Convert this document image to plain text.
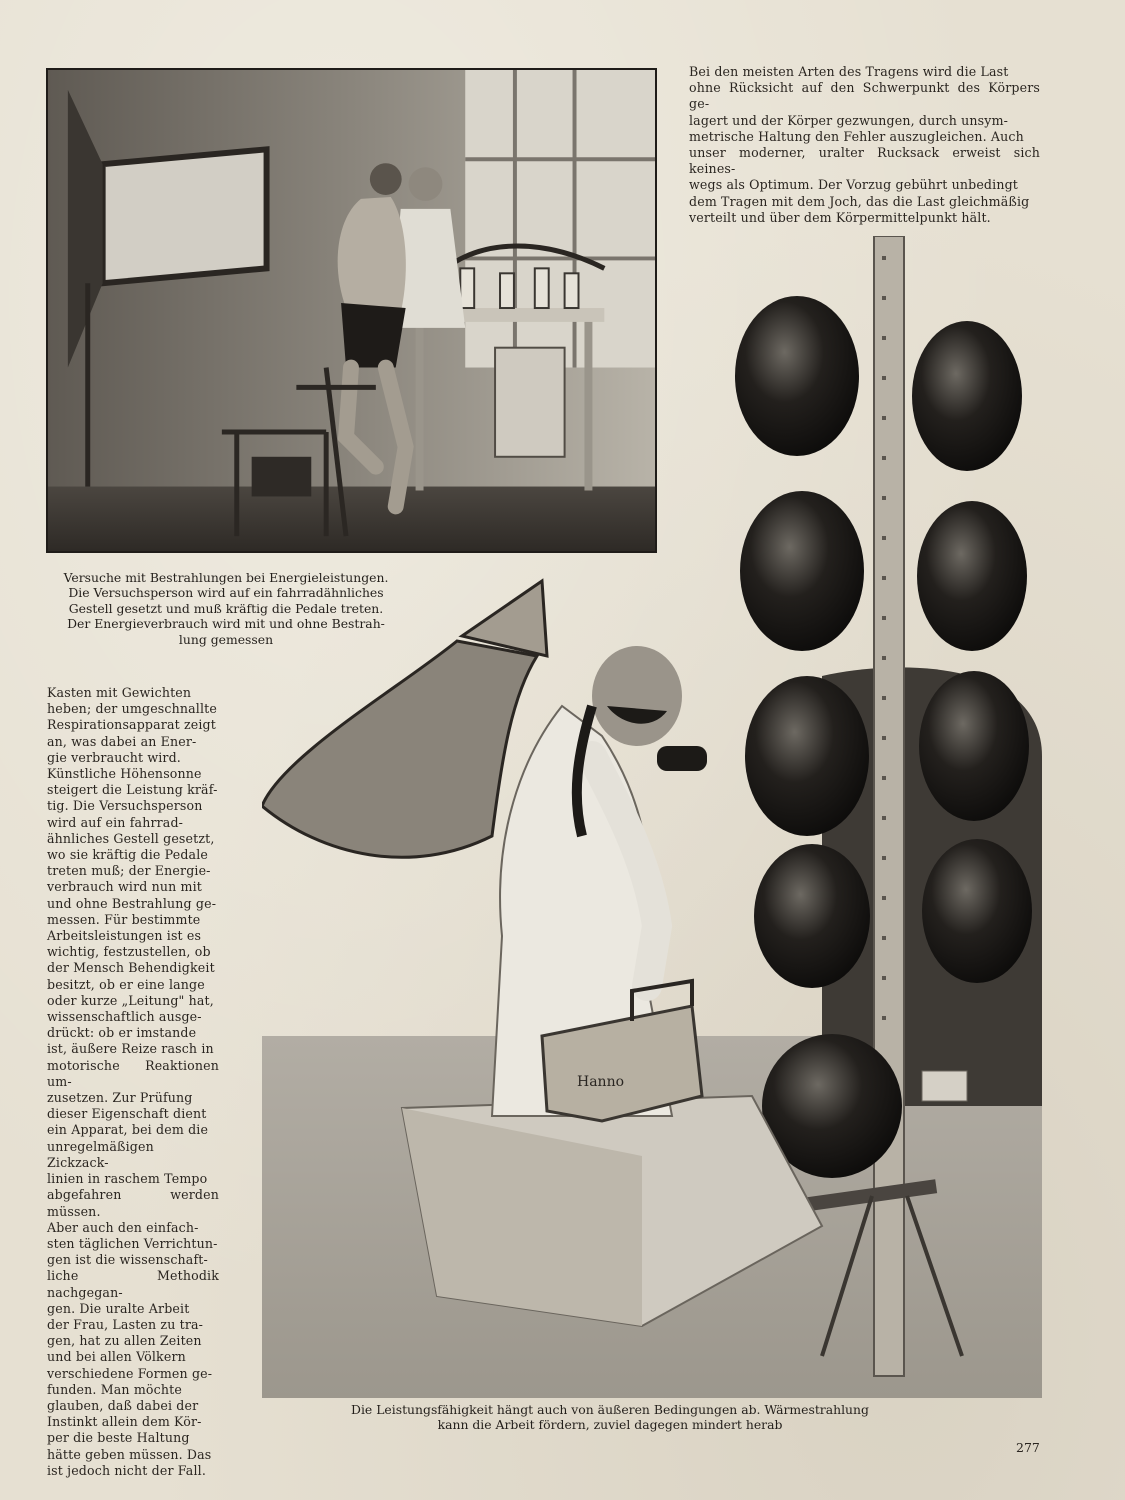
Hanno
Bei den meisten Arten des Tragens wird die Last
ohne Rücksicht auf den Schwerpunkt des Körpers ge-
lagert und der Körper gezwungen, durch unsym-
metrische Haltung den Fehler auszugleichen. Auch
unser moderner, uralter Rucksack erweist sich keines-
wegs als Optimum. Der Vorzug gebührt unbedingt
dem Tragen mit dem Joch, das die Last gleichmäßig
verteilt und über dem Körpermittelpunkt hält.
Versuche mit Bestrahlungen bei Energieleistungen.
Die Versuchsperson wird auf ein fahrradähnliches
Gestell gesetzt und muß kräftig die Pedale treten.
Der Energieverbrauch wird mit und ohne Bestrah-
lung gemessen
Kasten mit Gewichten
heben; der umgeschnallte
Respirationsapparat zeigt
an, was dabei an Ener-
gie verbraucht wird.
Künstliche Höhensonne
steigert die Leistung kräf-
tig. Die Versuchsperson
wird auf ein fahrrad-
ähnliches Gestell gesetzt,
wo sie kräftig die Pedale
treten muß; der Energie-
verbrauch wird nun mit
und ohne Bestrahlung ge-
messen. Für bestimmte
Arbeitsleistungen ist es
wichtig, festzustellen, ob
der Mensch Behendigkeit
besitzt, ob er eine lange
oder kurze „Leitung" hat,
wissenschaftlich ausge-
drückt: ob er imstande
ist, äußere Reize rasch in
motorische Reaktionen um-
zusetzen. Zur Prüfung
dieser Eigenschaft dient
ein Apparat, bei dem die
unregelmäßigen Zickzack-
linien in raschem Tempo
abgefahren werden müssen.
Aber auch den einfach-
sten täglichen Verrichtun-
gen ist die wissenschaft-
liche Methodik nachgegan-
gen. Die uralte Arbeit
der Frau, Lasten zu tra-
gen, hat zu allen Zeiten
und bei allen Völkern
verschiedene Formen ge-
funden. Man möchte
glauben, daß dabei der
Instinkt allein dem Kör-
per die beste Haltung
hätte geben müssen. Das
ist jedoch nicht der Fall.
Die Leistungsfähigkeit hängt auch von äußeren Bedingungen ab. Wärmestrahlung
kann die Arbeit fördern, zuviel dagegen mindert herab
277
